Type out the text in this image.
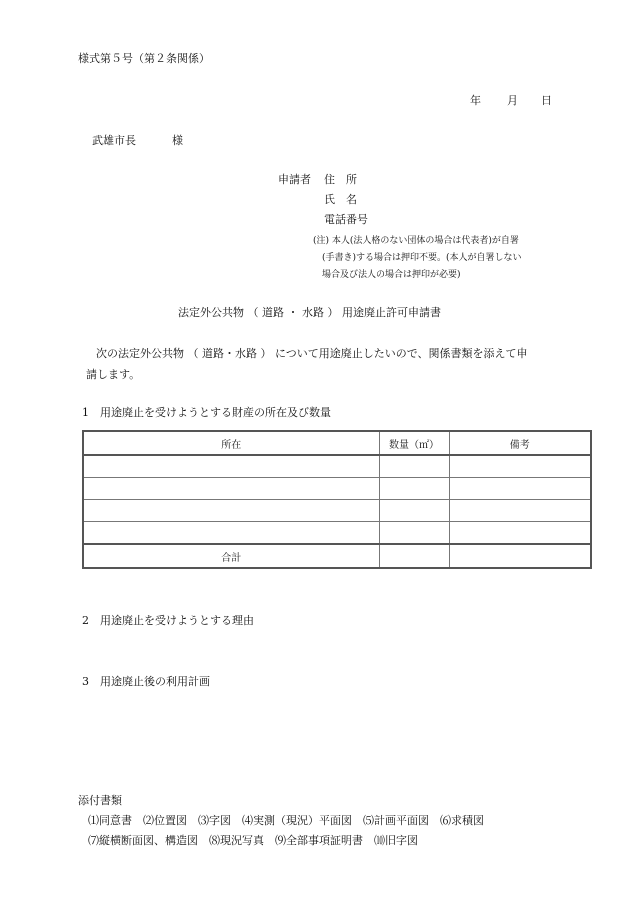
様式第５号（第２条関係）
年 月 日
武雄市長	様
申請者 住　所
氏　名
電話番号
(注) 本人(法人格のない団体の場合は代表者)が自署
(手書き)する場合は押印不要。(本人が自署しない
場合及び法人の場合は押印が必要)
法定外公共物 （ 道路 ・ 水路 ） 用途廃止許可申請書
次の法定外公共物 （ 道路・水路 ） について用途廃止したいので、関係書類を添えて申
請します。
1　用途廃止を受けようとする財産の所在及び数量
所在	数量（㎡）	備考

合計		
2　用途廃止を受けようとする理由
3　用途廃止後の利用計画
添付書類
⑴同意書　⑵位置図　⑶字図　⑷実測（現況）平面図　⑸計画平面図　⑹求積図
⑺縦横断面図、構造図　⑻現況写真　⑼全部事項証明書　⑽旧字図
